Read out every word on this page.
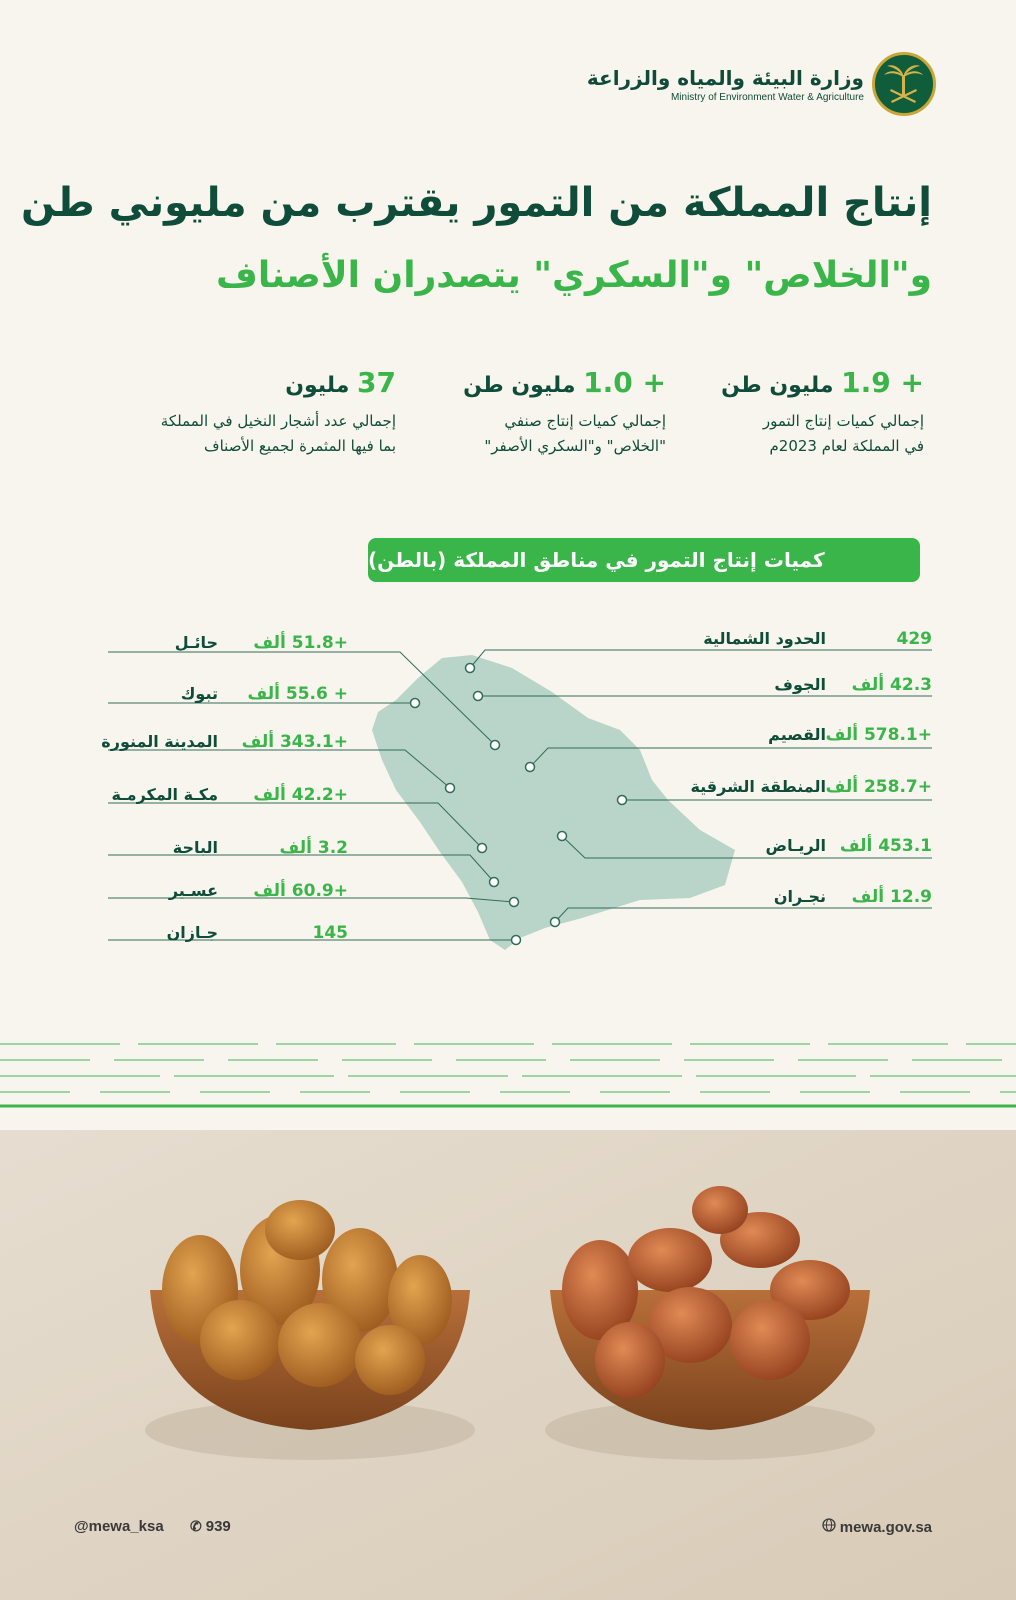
وزارة البيئة والمياه والزراعة
Ministry of Environment Water & Agriculture
إنتاج المملكة من التمور يقترب من مليوني طن
و"الخلاص" و"السكري" يتصدران الأصناف
+ 1.9 مليون طن
إجمالي كميات إنتاج التمور
في المملكة لعام 2023م
+ 1.0 مليون طن
إجمالي كميات إنتاج صنفي
"الخلاص" و"السكري الأصفر"
37 مليون
إجمالي عدد أشجار النخيل في المملكة
بما فيها المثمرة لجميع الأصناف
كميات إنتاج التمور في مناطق المملكة (بالطن)
الحدود الشمالية	429
الجوف 42.3 ألف
القصيم +578.1 ألف
المنطقة الشرقية +258.7 ألف
الريـاض 453.1 ألف
نجـران 12.9 ألف
حائـل +51.8 ألف
تبوك + 55.6 ألف
المدينة المنورة +343.1 ألف
مكـة المكرمـة +42.2 ألف
الباحة	3.2 ألف
عسـير +60.9 ألف
جـازان	145
@mewa_ksa ✆ 939	mewa.gov.sa
